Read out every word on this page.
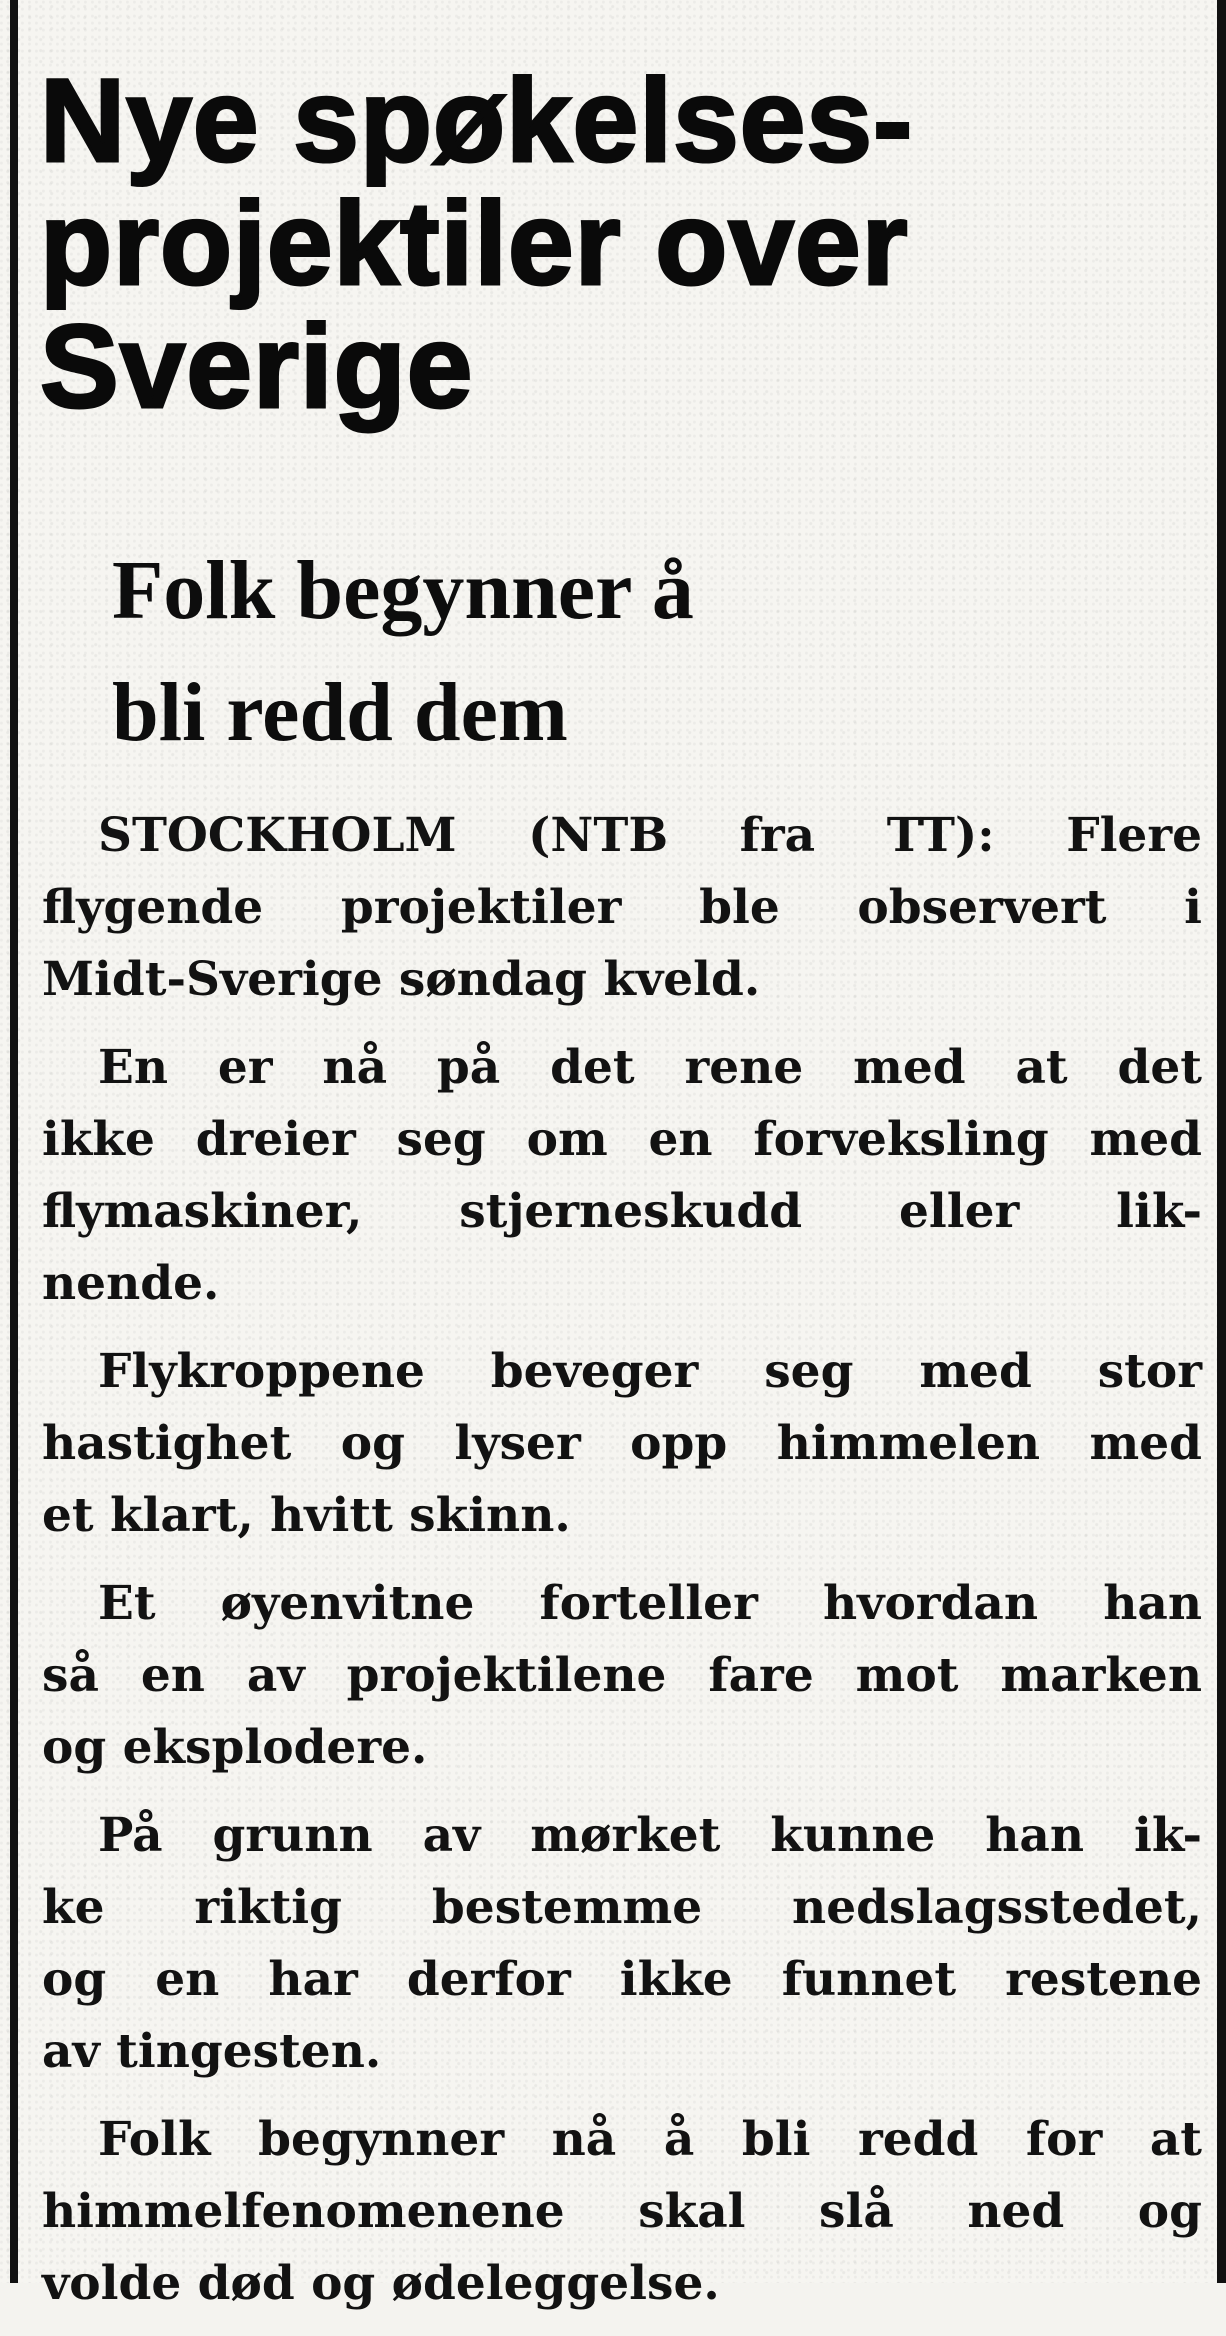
Nye spøkelses-
projektiler over
Sverige
Folk begynner å
bli redd dem

STOCKHOLM (NTB fra TT): Flere
flygende projektiler ble observert i
Midt-Sverige søndag kveld.

En er nå på det rene med at det
ikke dreier seg om en forveksling med
flymaskiner, stjerneskudd eller lik-
nende.

Flykroppene beveger seg med stor
hastighet og lyser opp himmelen med
et klart, hvitt skinn.

Et øyenvitne forteller hvordan han
så en av projektilene fare mot marken
og eksplodere.

På grunn av mørket kunne han ik-
ke riktig bestemme nedslagsstedet,
og en har derfor ikke funnet restene
av tingesten.

Folk begynner nå å bli redd for at
himmelfenomenene skal slå ned og
volde død og ødeleggelse.
